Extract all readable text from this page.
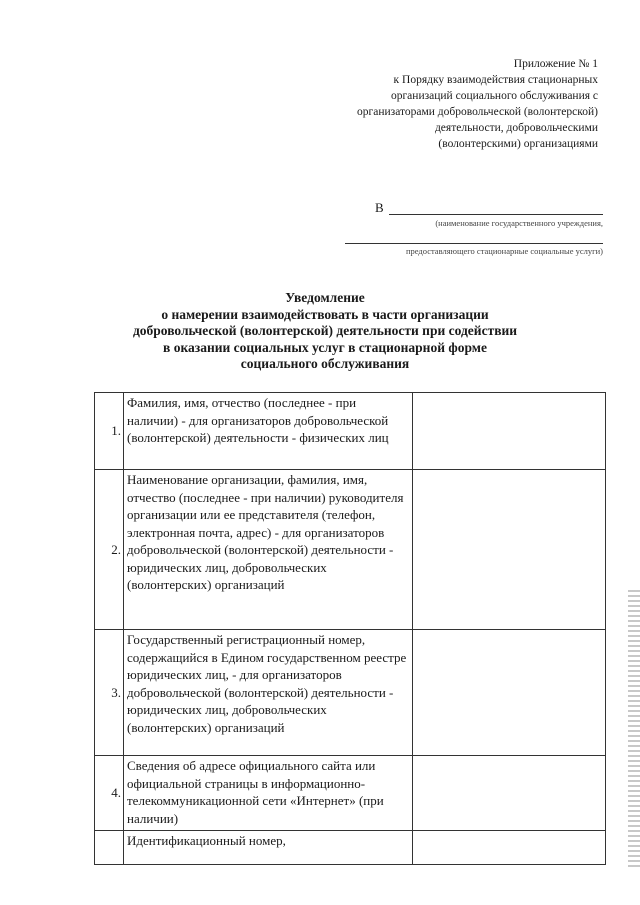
Приложение № 1
к Порядку взаимодействия стационарных
организаций социального обслуживания с
организаторами добровольческой (волонтерской)
деятельности, добровольческими
(волонтерскими) организациями
В
(наименование государственного учреждения,
предоставляющего стационарные социальные услуги)
Уведомление
о намерении взаимодействовать в части организации
добровольческой (волонтерской) деятельности при содействии
в оказании социальных услуг в стационарной форме
социального обслуживания
1.	Фамилия, имя, отчество (последнее - при наличии) - для организаторов добровольческой (волонтерской) деятельности - физических лиц	
2.	Наименование организации, фамилия, имя, отчество (последнее - при наличии) руководителя организации или ее представителя (телефон, электронная почта, адрес) - для организаторов добровольческой (волонтерской) деятельности - юридических лиц, добровольческих (волонтерских) организаций	
3.	Государственный регистрационный номер, содержащийся в Едином государственном реестре юридических лиц, - для организаторов добровольческой (волонтерской) деятельности - юридических лиц, добровольческих (волонтерских) организаций	
4.	Сведения об адресе официального сайта или официальной страницы в информационно-телекоммуникационной сети «Интернет» (при наличии)	
	Идентификационный номер,	
